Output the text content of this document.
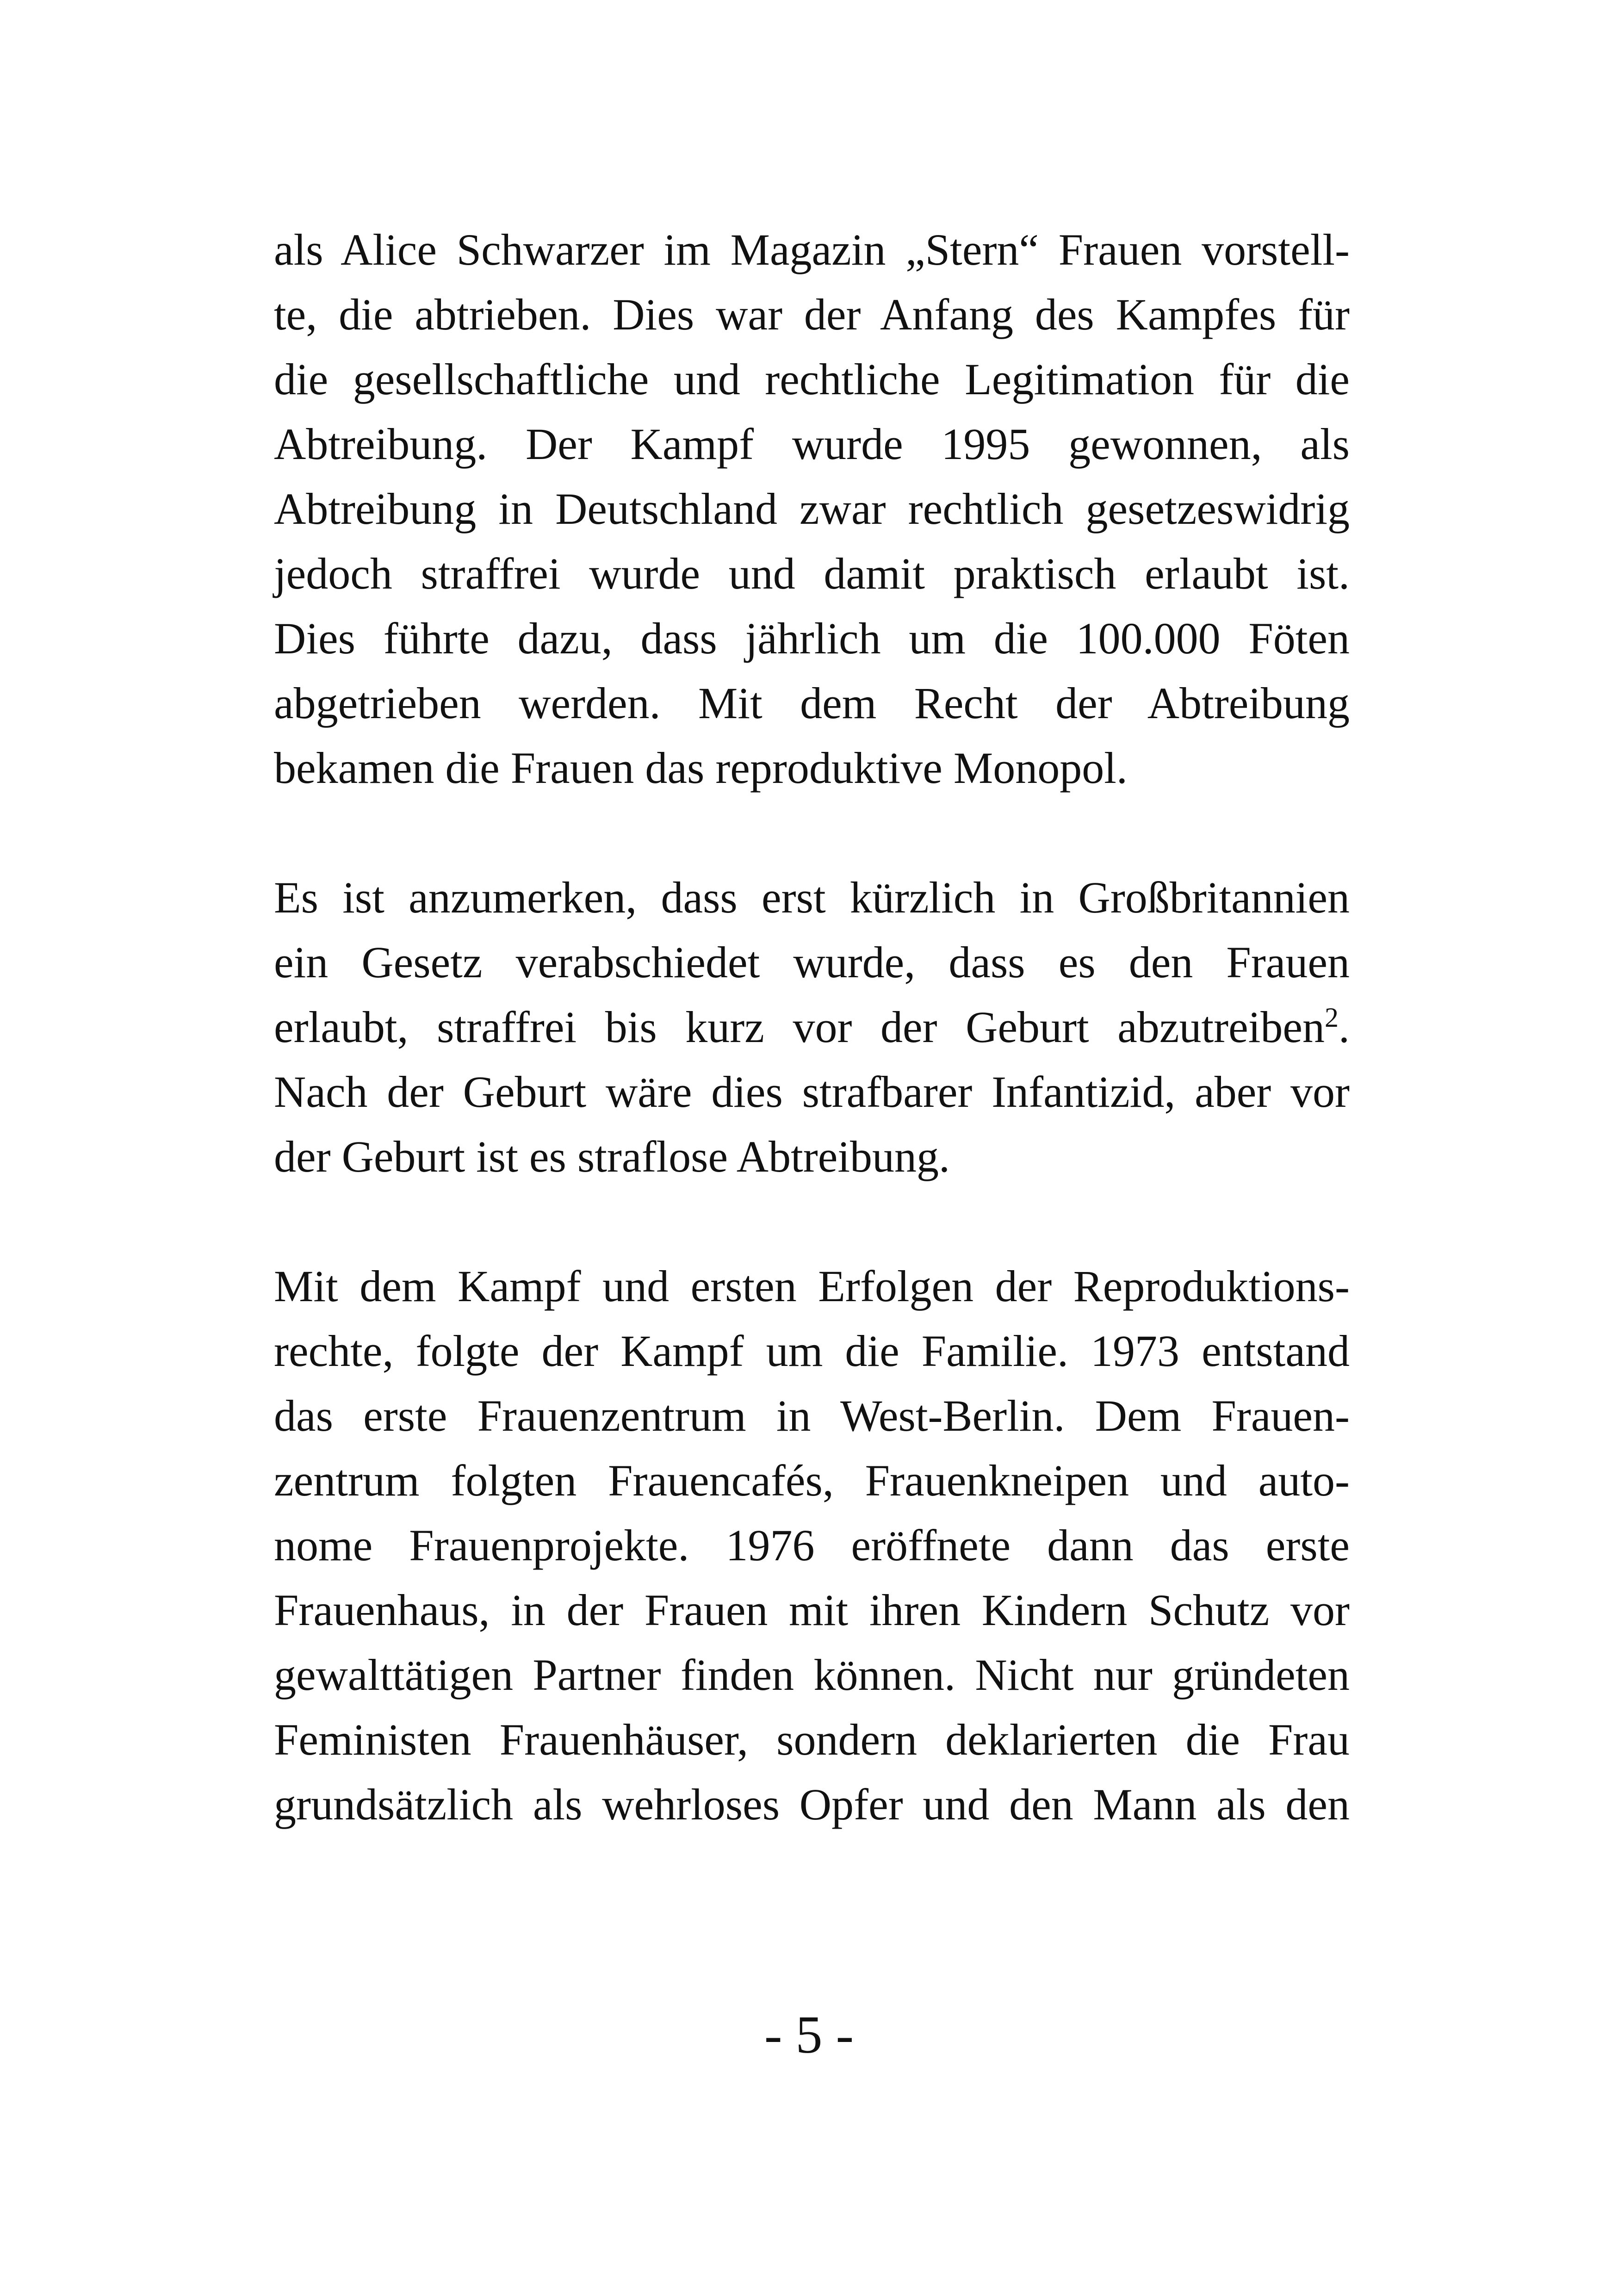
als Alice Schwarzer im Magazin „Stern“ Frauen vorstell-
te, die abtrieben. Dies war der Anfang des Kampfes für
die gesellschaftliche und rechtliche Legitimation für die
Abtreibung. Der Kampf wurde 1995 gewonnen, als
Abtreibung in Deutschland zwar rechtlich gesetzeswidrig
jedoch straffrei wurde und damit praktisch erlaubt ist.
Dies führte dazu, dass jährlich um die 100.000 Föten
abgetrieben werden. Mit dem Recht der Abtreibung
bekamen die Frauen das reproduktive Monopol.
Es ist anzumerken, dass erst kürzlich in Großbritannien
ein Gesetz verabschiedet wurde, dass es den Frauen
erlaubt, straffrei bis kurz vor der Geburt abzutreiben$^2$.
Nach der Geburt wäre dies strafbarer Infantizid, aber vor
der Geburt ist es straflose Abtreibung.
Mit dem Kampf und ersten Erfolgen der Reproduktions-
rechte, folgte der Kampf um die Familie. 1973 entstand
das erste Frauenzentrum in West-Berlin. Dem Frauen-
zentrum folgten Frauencafés, Frauenkneipen und auto-
nome Frauenprojekte. 1976 eröffnete dann das erste
Frauenhaus, in der Frauen mit ihren Kindern Schutz vor
gewalttätigen Partner finden können. Nicht nur gründeten
Feministen Frauenhäuser, sondern deklarierten die Frau
grundsätzlich als wehrloses Opfer und den Mann als den
- 5 -
